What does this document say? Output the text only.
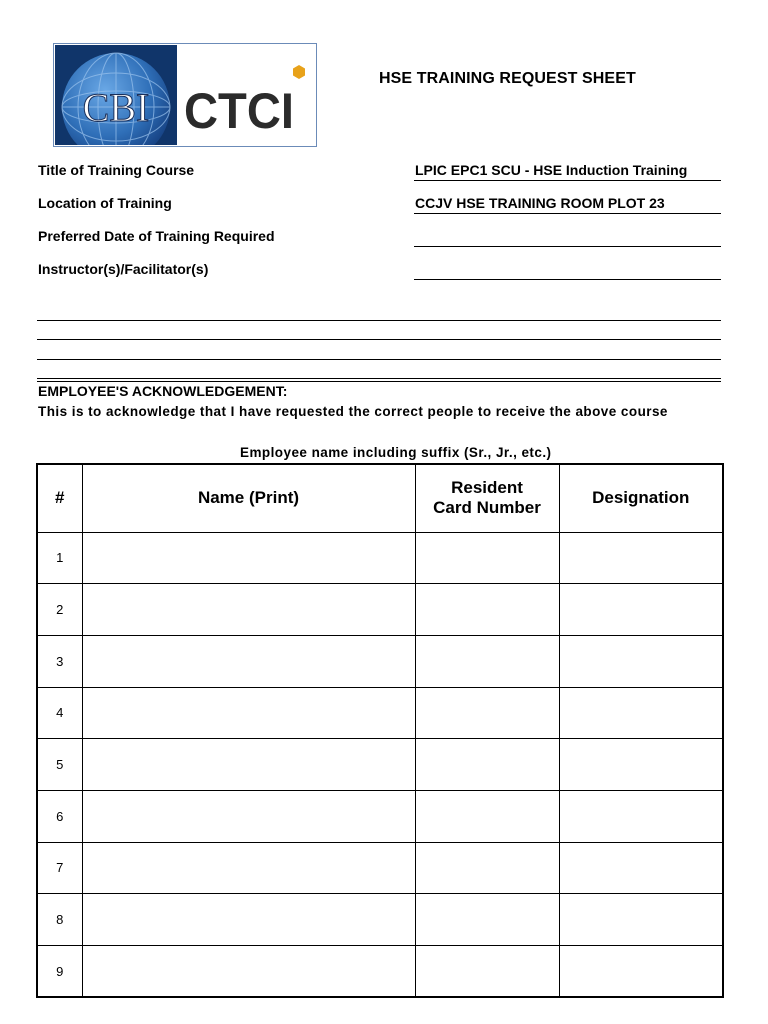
CBI CTCI
HSE TRAINING REQUEST SHEET
Title of Training Course	LPIC EPC1 SCU - HSE Induction Training
Location of Training	CCJV HSE TRAINING ROOM PLOT 23
Preferred Date of Training Required
Instructor(s)/Facilitator(s)
EMPLOYEE'S ACKNOWLEDGEMENT:
This is to acknowledge that I have requested the correct people to receive the above course
Employee name including suffix (Sr., Jr., etc.)
#	Name (Print)	Resident Card Number	Designation
1			
2			
3			
4			
5			
6			
7			
8			
9			
